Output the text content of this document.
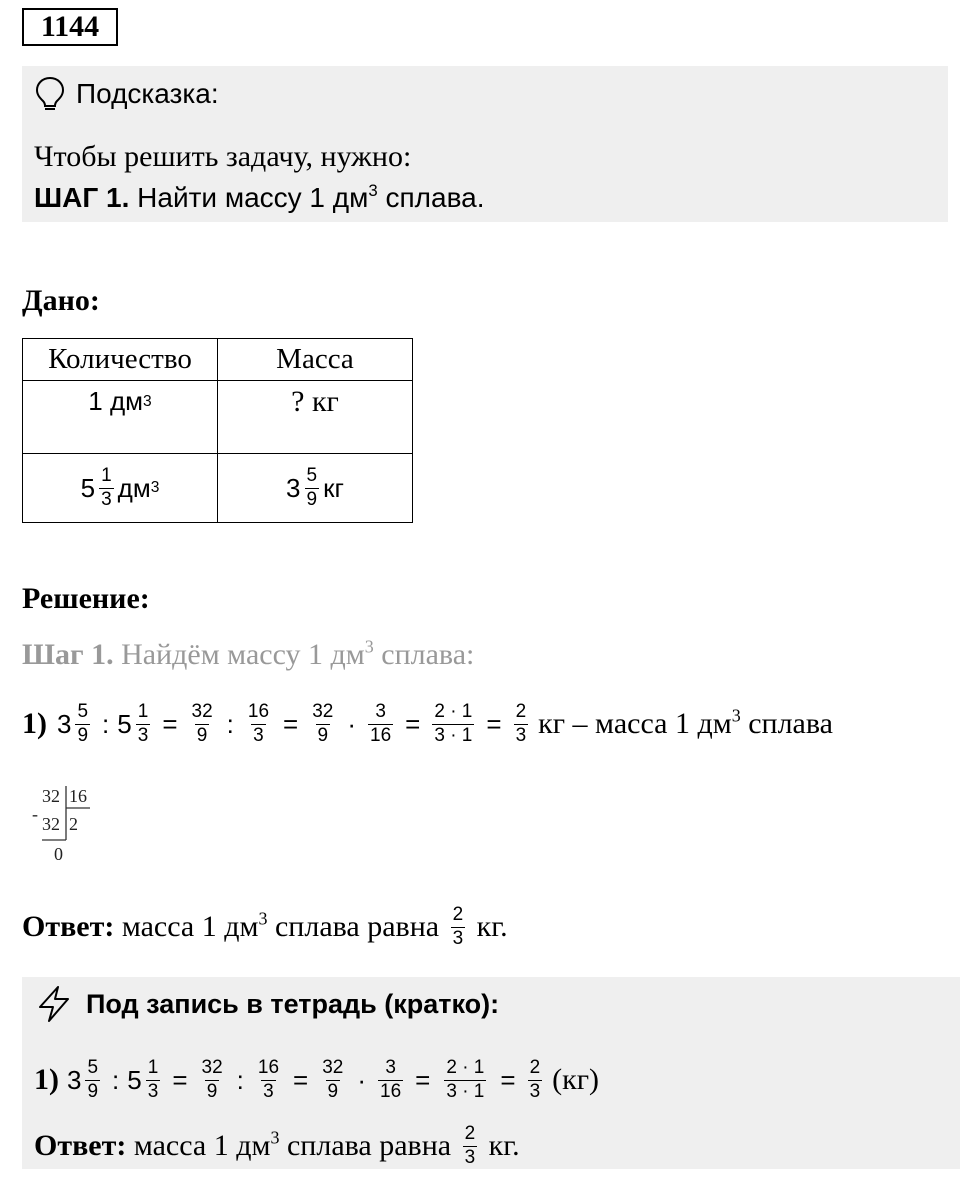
1144
Подсказка:
Чтобы решить задачу, нужно:
ШАГ 1. Найти массу 1 $дм^3$ сплава.
Дано:
Количество	Масса

1 дм 3	? кг

$5 \frac{1}{3}$ дм 3	$3 \frac{5}{9}$ кг
Решение:
Шаг 1. Найдём массу 1 $дм^3$ сплава:
1) $3 \frac{5}{9}$ : $5 \frac{1}{3} = \frac{32}{9}$ : $\frac{16}{3} = \frac{32}{9} \cdot \frac{3}{16} = \frac{2 \cdot 1}{3 \cdot 1} = \frac{2}{3}$ кг – масса 1 $дм^3$ сплава
32 16
- 32 2
0
Ответ: масса 1 $дм^3$ сплава равна $\frac{2}{3}$ кг.
Под запись в тетрадь (кратко):
1) $3 \frac{5}{9}$ : $5 \frac{1}{3} = \frac{32}{9}$ : $\frac{16}{3} = \frac{32}{9} \cdot \frac{3}{16} = \frac{2 \cdot 1}{3 \cdot 1} = \frac{2}{3} (кг)$
Ответ: масса 1 $дм^3$ сплава равна $\frac{2}{3}$ кг.
